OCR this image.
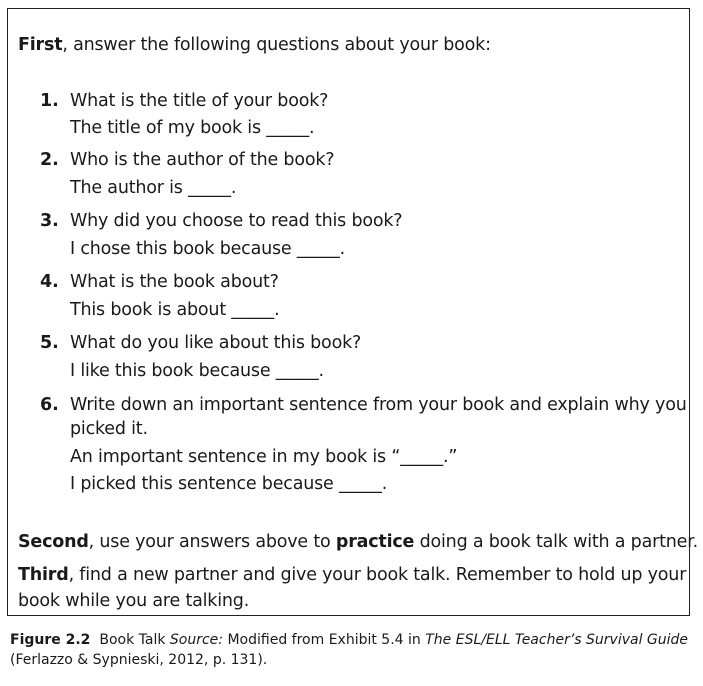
First, answer the following questions about your book:
1. What is the title of your book?
The title of my book is _____.
2. Who is the author of the book?
The author is _____.
3. Why did you choose to read this book?
I chose this book because _____.
4. What is the book about?
This book is about _____.
5. What do you like about this book?
I like this book because _____.
6. Write down an important sentence from your book and explain why you
picked it.
An important sentence in my book is “_____.”
I picked this sentence because _____.
Second, use your answers above to practice doing a book talk with a partner.
Third, find a new partner and give your book talk. Remember to hold up your
book while you are talking.
Figure 2.2 Book Talk Source: Modified from Exhibit 5.4 in The ESL/ELL Teacher’s Survival Guide
(Ferlazzo & Sypnieski, 2012, p. 131).
